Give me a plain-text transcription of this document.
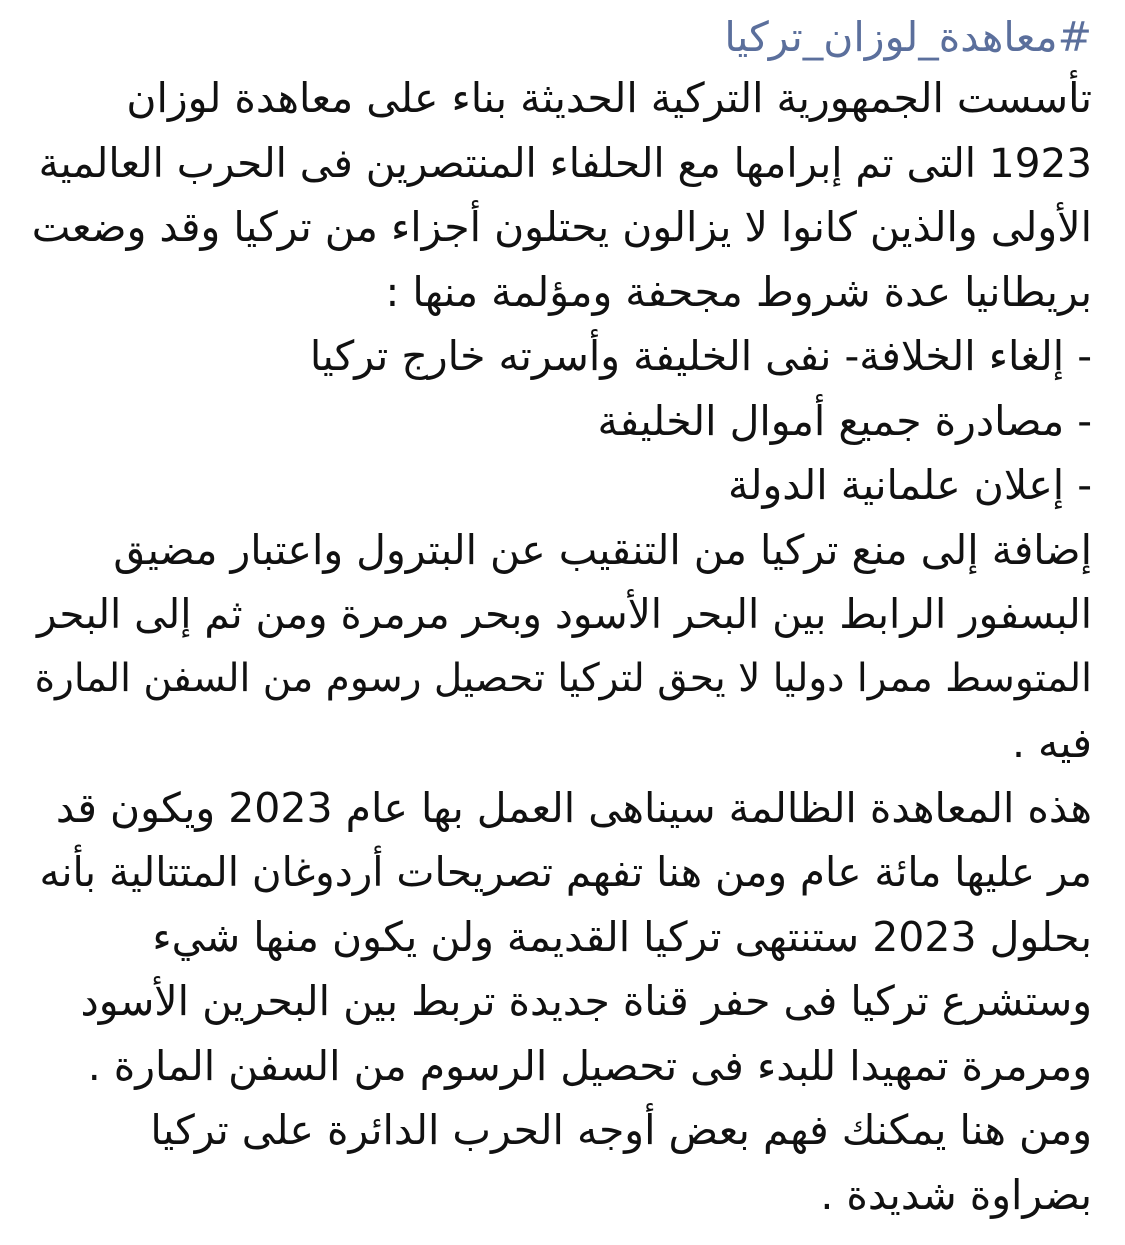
#معاهدة_لوزان_تركيا

تأسست الجمهورية التركية الحديثة بناء على معاهدة لوزان

1923 التى تم إبرامها مع الحلفاء المنتصرين فى الحرب العالمية

الأولى والذين كانوا لا يزالون يحتلون أجزاء من تركيا وقد وضعت

بريطانيا عدة شروط مجحفة ومؤلمة منها :

- إلغاء الخلافة- نفى الخليفة وأسرته خارج تركيا

- مصادرة جميع أموال الخليفة

- إعلان علمانية الدولة

إضافة إلى منع تركيا من التنقيب عن البترول واعتبار مضيق

البسفور الرابط بين البحر الأسود وبحر مرمرة ومن ثم إلى البحر

المتوسط ممرا دوليا لا يحق لتركيا تحصيل رسوم من السفن المارة

فيه .

هذه المعاهدة الظالمة سيناهى العمل بها عام 2023 ويكون قد

مر عليها مائة عام ومن هنا تفهم تصريحات أردوغان المتتالية بأنه

بحلول 2023 ستنتهى تركيا القديمة ولن يكون منها شيء

وستشرع تركيا فى حفر قناة جديدة تربط بين البحرين الأسود

ومرمرة تمهيدا للبدء فى تحصيل الرسوم من السفن المارة .

ومن هنا يمكنك فهم بعض أوجه الحرب الدائرة على تركيا

بضراوة شديدة .
